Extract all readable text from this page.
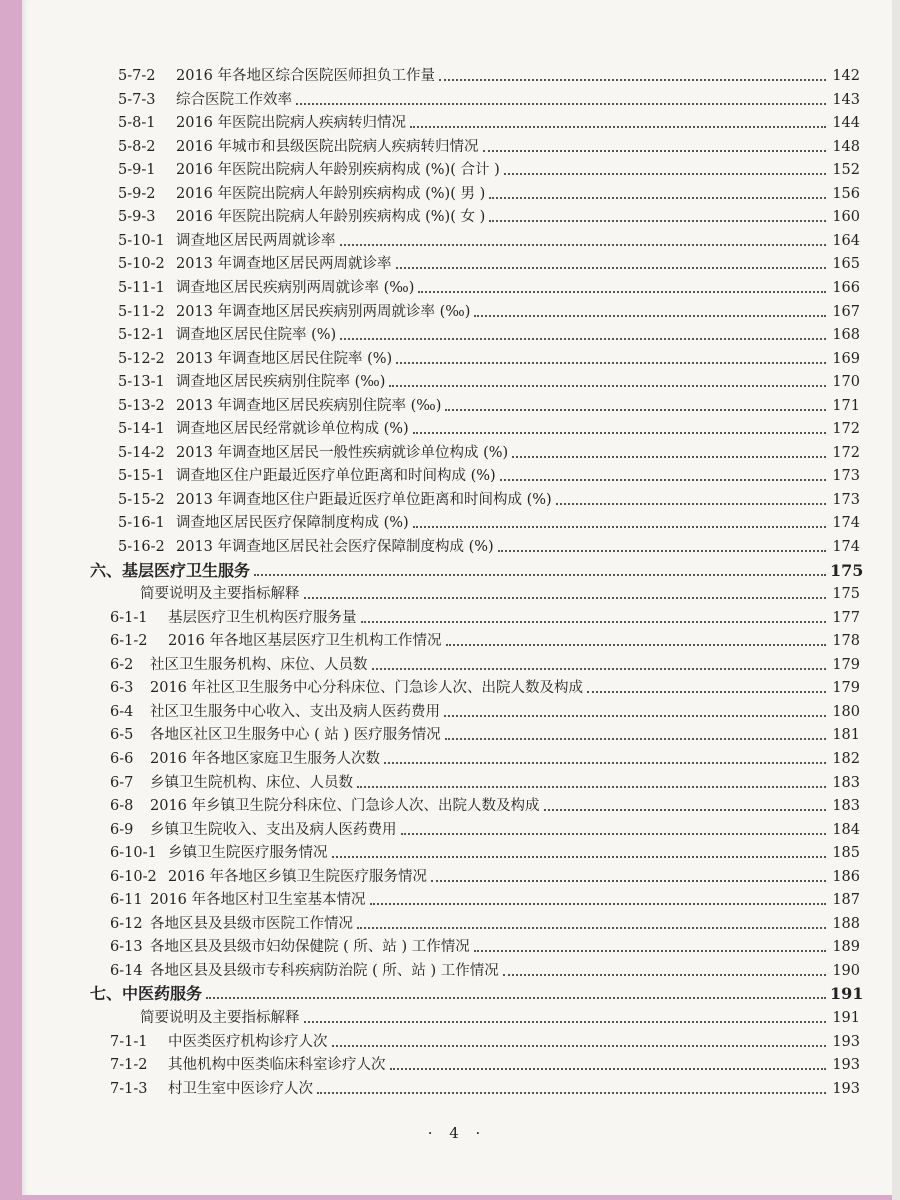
5-7-2 2016 年各地区综合医院医师担负工作量	142
5-7-3 综合医院工作效率	143
5-8-1 2016 年医院出院病人疾病转归情况	144
5-8-2 2016 年城市和县级医院出院病人疾病转归情况	148
5-9-1 2016 年医院出院病人年龄别疾病构成 (%)( 合计 )	152
5-9-2 2016 年医院出院病人年龄别疾病构成 (%)( 男 )	156
5-9-3 2016 年医院出院病人年龄别疾病构成 (%)( 女 )	160
5-10-1 调查地区居民两周就诊率	164
5-10-2 2013 年调查地区居民两周就诊率	165
5-11-1 调查地区居民疾病别两周就诊率 (‰)	166
5-11-2 2013 年调查地区居民疾病别两周就诊率 (‰)	167
5-12-1 调查地区居民住院率 (%)	168
5-12-2 2013 年调查地区居民住院率 (%)	169
5-13-1 调查地区居民疾病别住院率 (‰)	170
5-13-2 2013 年调查地区居民疾病别住院率 (‰)	171
5-14-1 调查地区居民经常就诊单位构成 (%)	172
5-14-2 2013 年调查地区居民一般性疾病就诊单位构成 (%)	172
5-15-1 调查地区住户距最近医疗单位距离和时间构成 (%)	173
5-15-2 2013 年调查地区住户距最近医疗单位距离和时间构成 (%)	173
5-16-1 调查地区居民医疗保障制度构成 (%)	174
5-16-2 2013 年调查地区居民社会医疗保障制度构成 (%)	174
六、基层医疗卫生服务	175
简要说明及主要指标解释	175
6-1-1 基层医疗卫生机构医疗服务量	177
6-1-2 2016 年各地区基层医疗卫生机构工作情况	178
6-2 社区卫生服务机构、床位、人员数	179
6-3 2016 年社区卫生服务中心分科床位、门急诊人次、出院人数及构成	179
6-4 社区卫生服务中心收入、支出及病人医药费用	180
6-5 各地区社区卫生服务中心 ( 站 ) 医疗服务情况	181
6-6 2016 年各地区家庭卫生服务人次数	182
6-7 乡镇卫生院机构、床位、人员数	183
6-8 2016 年乡镇卫生院分科床位、门急诊人次、出院人数及构成	183
6-9 乡镇卫生院收入、支出及病人医药费用	184
6-10-1 乡镇卫生院医疗服务情况	185
6-10-2 2016 年各地区乡镇卫生院医疗服务情况	186
6-11 2016 年各地区村卫生室基本情况	187
6-12 各地区县及县级市医院工作情况	188
6-13 各地区县及县级市妇幼保健院 ( 所、站 ) 工作情况	189
6-14 各地区县及县级市专科疾病防治院 ( 所、站 ) 工作情况	190
七、中医药服务	191
简要说明及主要指标解释	191
7-1-1 中医类医疗机构诊疗人次	193
7-1-2 其他机构中医类临床科室诊疗人次	193
7-1-3 村卫生室中医诊疗人次	193
· 4 ·
